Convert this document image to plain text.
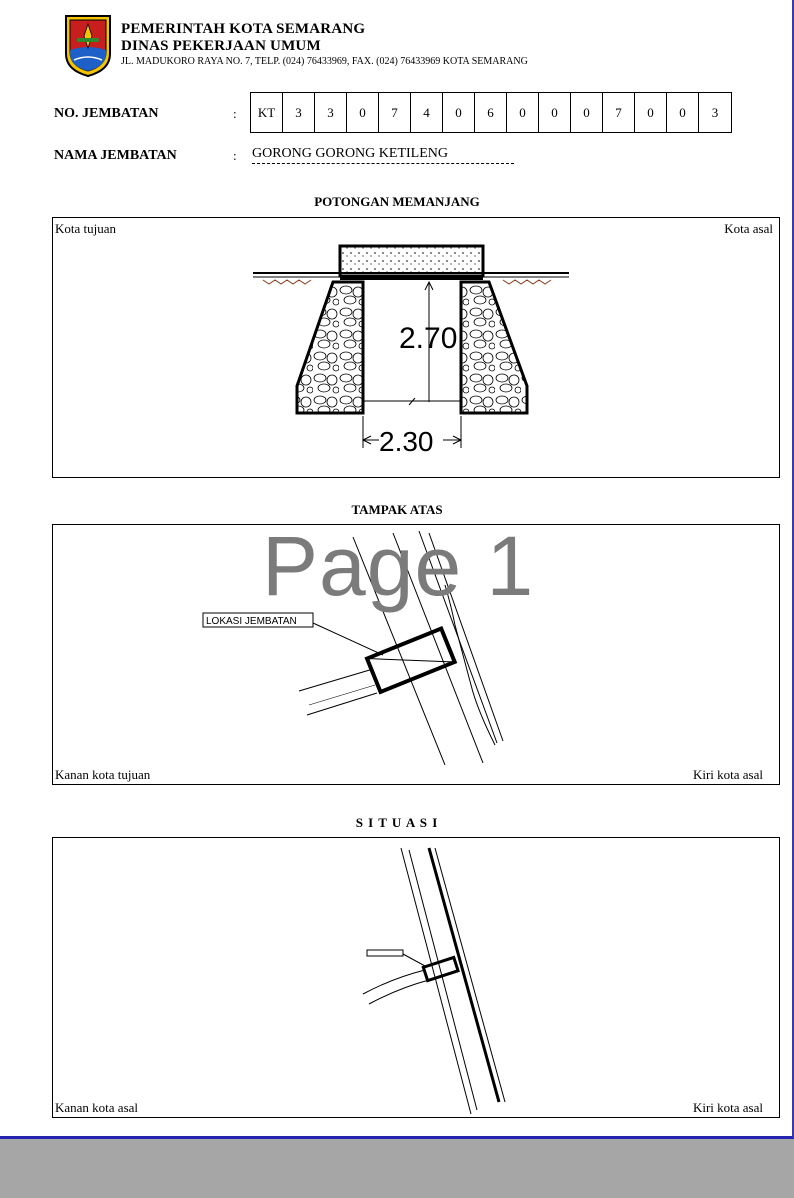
PEMERINTAH KOTA SEMARANG
DINAS PEKERJAAN UMUM
JL. MADUKORO RAYA NO. 7, TELP. (024) 76433969, FAX. (024) 76433969 KOTA SEMARANG
NO. JEMBATAN	:	KT	3	3	0	7	4	0	6	0	0	0	7	0	0	3
NAMA JEMBATAN	: GORONG GORONG KETILENG
POTONGAN MEMANJANG
Kota tujuan	Kota asal
2.70
2.30
TAMPAK ATAS
LOKASI JEMBATAN
Kanan kota tujuan	Kiri kota asal
S I T U A S I
Kanan kota asal	Kiri kota asal
Page 1
